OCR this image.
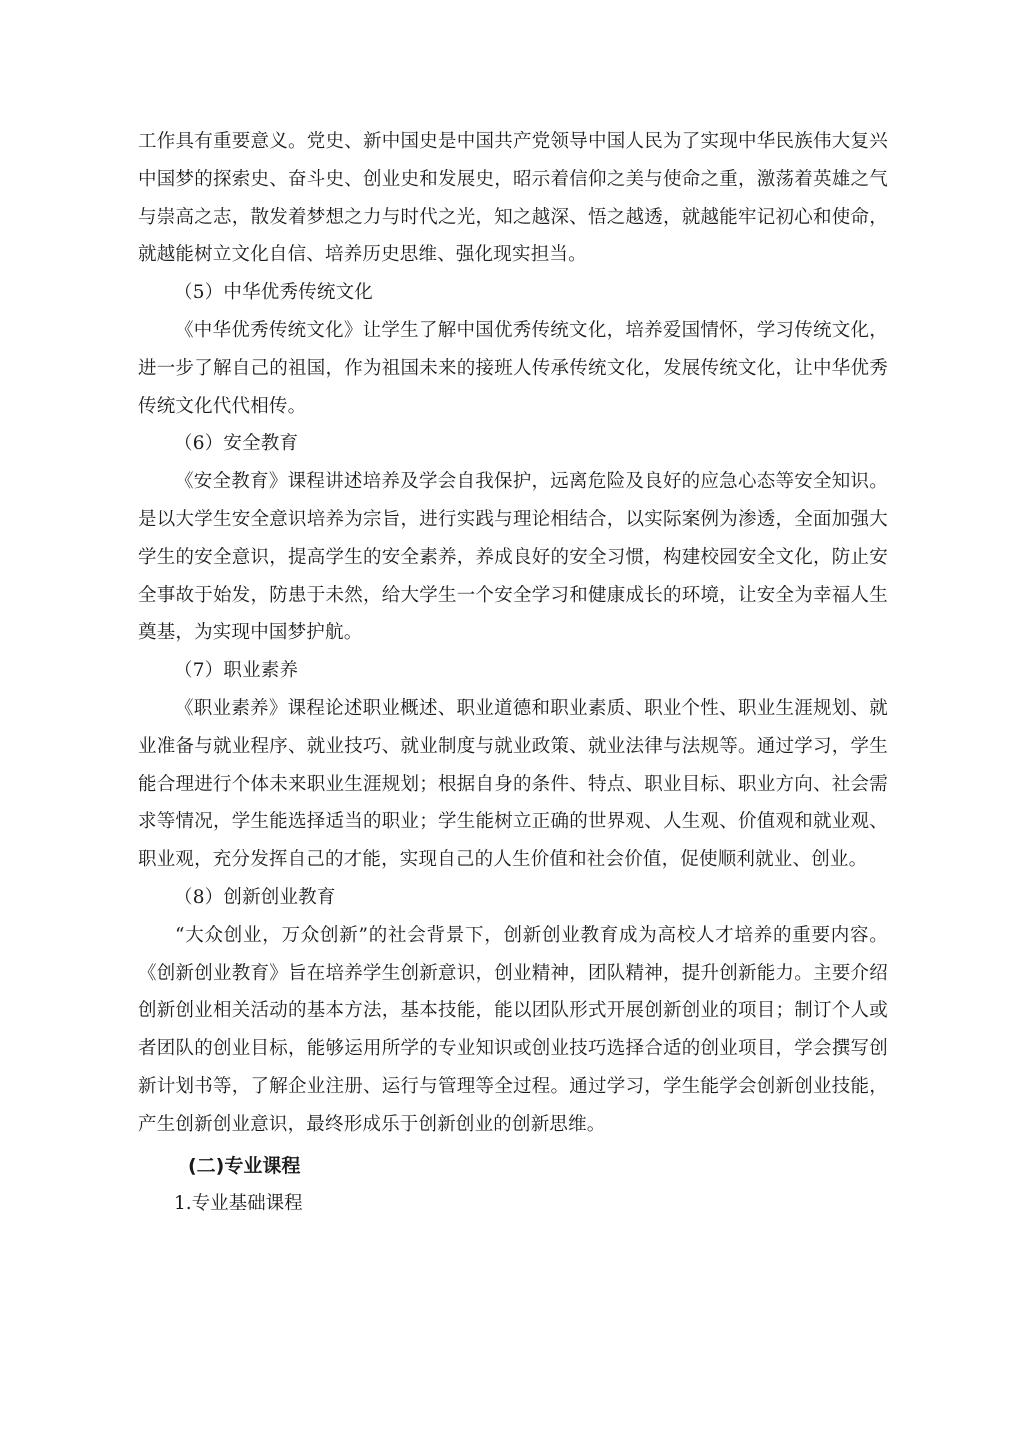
工作具有重要意义。党史、新中国史是中国共产党领导中国人民为了实现中华民族伟大复兴中国梦的探索史、奋斗史、创业史和发展史，昭示着信仰之美与使命之重，激荡着英雄之气与崇高之志，散发着梦想之力与时代之光，知之越深、悟之越透，就越能牢记初心和使命，就越能树立文化自信、培养历史思维、强化现实担当。

（5）中华优秀传统文化

《中华优秀传统文化》让学生了解中国优秀传统文化，培养爱国情怀，学习传统文化，进一步了解自己的祖国，作为祖国未来的接班人传承传统文化，发展传统文化，让中华优秀传统文化代代相传。

（6）安全教育

《安全教育》课程讲述培养及学会自我保护，远离危险及良好的应急心态等安全知识。是以大学生安全意识培养为宗旨，进行实践与理论相结合，以实际案例为渗透，全面加强大学生的安全意识，提高学生的安全素养，养成良好的安全习惯，构建校园安全文化，防止安全事故于始发，防患于未然，给大学生一个安全学习和健康成长的环境，让安全为幸福人生奠基，为实现中国梦护航。

（7）职业素养

《职业素养》课程论述职业概述、职业道德和职业素质、职业个性、职业生涯规划、就业准备与就业程序、就业技巧、就业制度与就业政策、就业法律与法规等。通过学习，学生能合理进行个体未来职业生涯规划；根据自身的条件、特点、职业目标、职业方向、社会需求等情况，学生能选择适当的职业；学生能树立正确的世界观、人生观、价值观和就业观、职业观，充分发挥自己的才能，实现自己的人生价值和社会价值，促使顺利就业、创业。

（8）创新创业教育

“大众创业，万众创新”的社会背景下，创新创业教育成为高校人才培养的重要内容。《创新创业教育》旨在培养学生创新意识，创业精神，团队精神，提升创新能力。主要介绍创新创业相关活动的基本方法，基本技能，能以团队形式开展创新创业的项目；制订个人或者团队的创业目标，能够运用所学的专业知识或创业技巧选择合适的创业项目，学会撰写创新计划书等，了解企业注册、运行与管理等全过程。通过学习，学生能学会创新创业技能，产生创新创业意识，最终形成乐于创新创业的创新思维。

(二)专业课程

1.专业基础课程
